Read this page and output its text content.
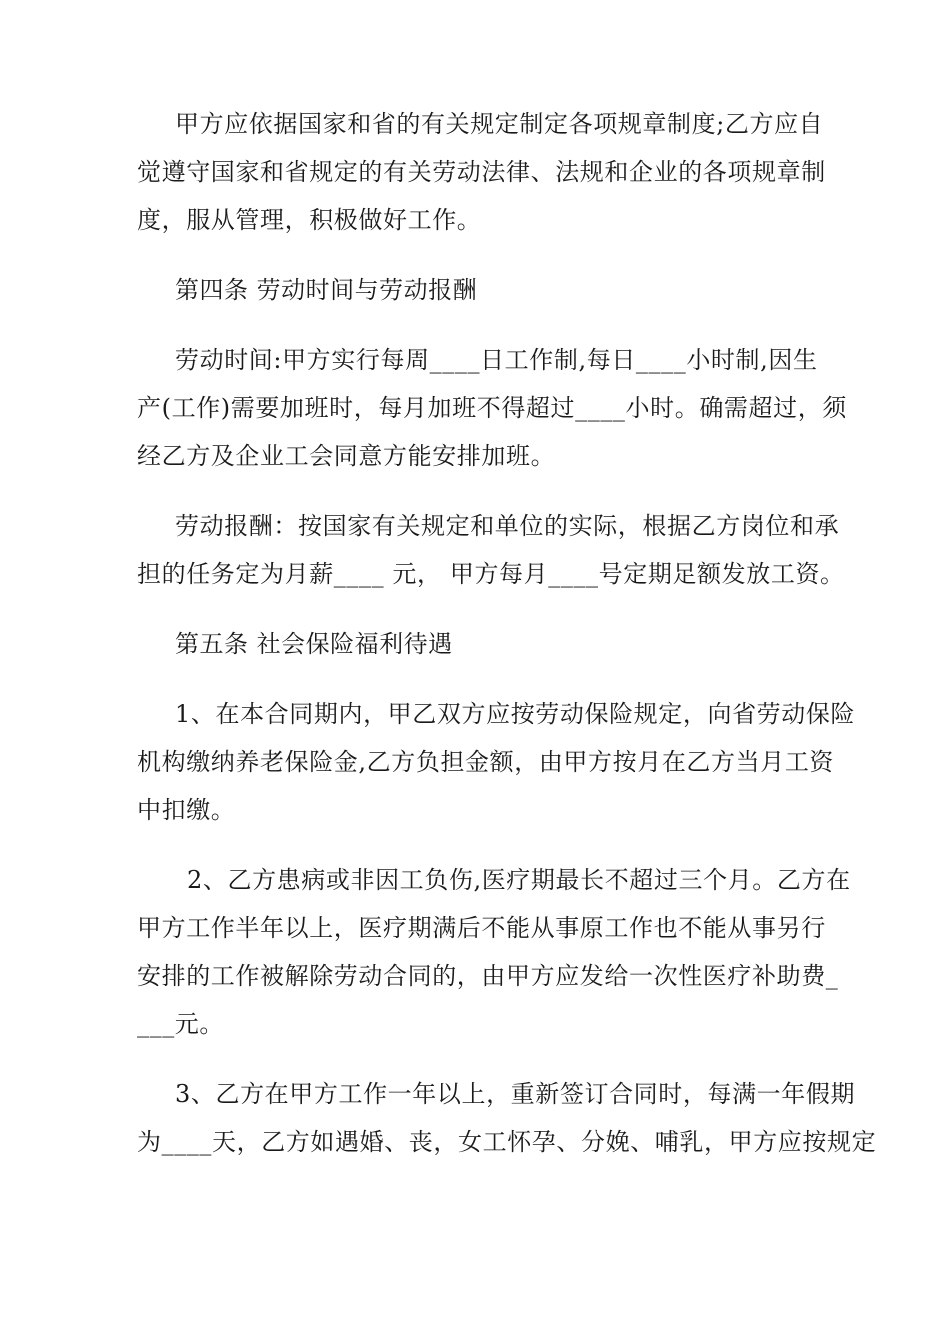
甲方应依据国家和省的有关规定制定各项规章制度;乙方应自
觉遵守国家和省规定的有关劳动法律、法规和企业的各项规章制
度，服从管理，积极做好工作。
第四条 劳动时间与劳动报酬
劳动时间:甲方实行每周____日工作制,每日____小时制,因生
产(工作)需要加班时，每月加班不得超过____小时。确需超过，须
经乙方及企业工会同意方能安排加班。
劳动报酬：按国家有关规定和单位的实际，根据乙方岗位和承
担的任务定为月薪____ 元， 甲方每月____号定期足额发放工资。
第五条 社会保险福利待遇
1、在本合同期内，甲乙双方应按劳动保险规定，向省劳动保险
机构缴纳养老保险金,乙方负担金额，由甲方按月在乙方当月工资
中扣缴。
2、乙方患病或非因工负伤,医疗期最长不超过三个月。乙方在
甲方工作半年以上，医疗期满后不能从事原工作也不能从事另行
安排的工作被解除劳动合同的，由甲方应发给一次性医疗补助费_
___元。
3、乙方在甲方工作一年以上，重新签订合同时，每满一年假期
为____天，乙方如遇婚、丧，女工怀孕、分娩、哺乳，甲方应按规定
